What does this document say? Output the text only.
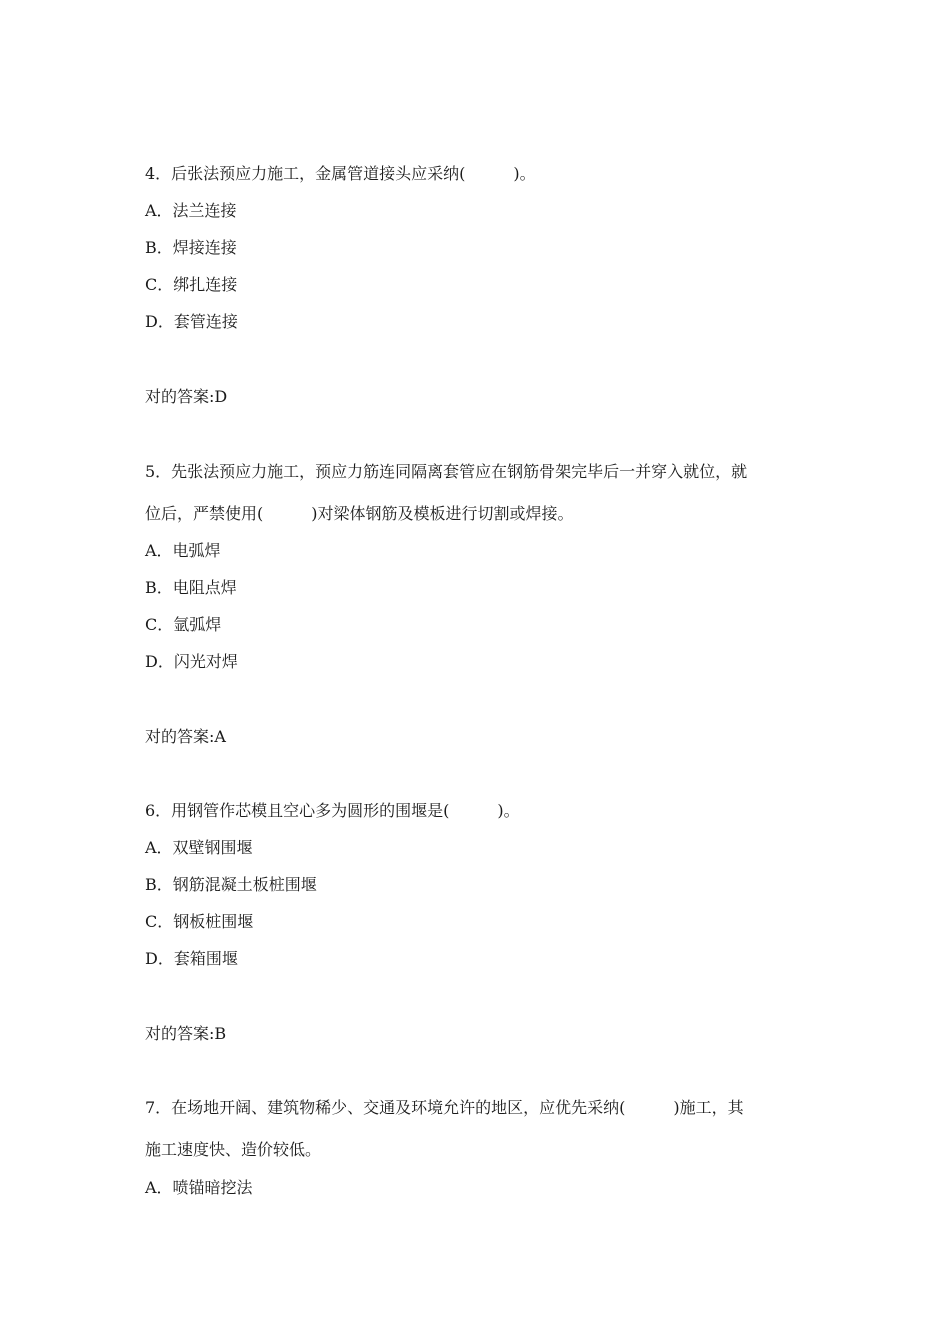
4．后张法预应力施工，金属管道接头应采纳(　　　)。

A．法兰连接

B．焊接连接

C．绑扎连接

D．套管连接

对的答案:D

5．先张法预应力施工，预应力筋连同隔离套管应在钢筋骨架完毕后一并穿入就位，就

位后，严禁使用(　　　)对梁体钢筋及模板进行切割或焊接。

A．电弧焊

B．电阻点焊

C．氩弧焊

D．闪光对焊

对的答案:A

6．用钢管作芯模且空心多为圆形的围堰是(　　　)。

A．双壁钢围堰

B．钢筋混凝土板桩围堰

C．钢板桩围堰

D．套箱围堰

对的答案:B

7．在场地开阔、建筑物稀少、交通及环境允许的地区，应优先采纳(　　　)施工，其

施工速度快、造价较低。

A．喷锚暗挖法
